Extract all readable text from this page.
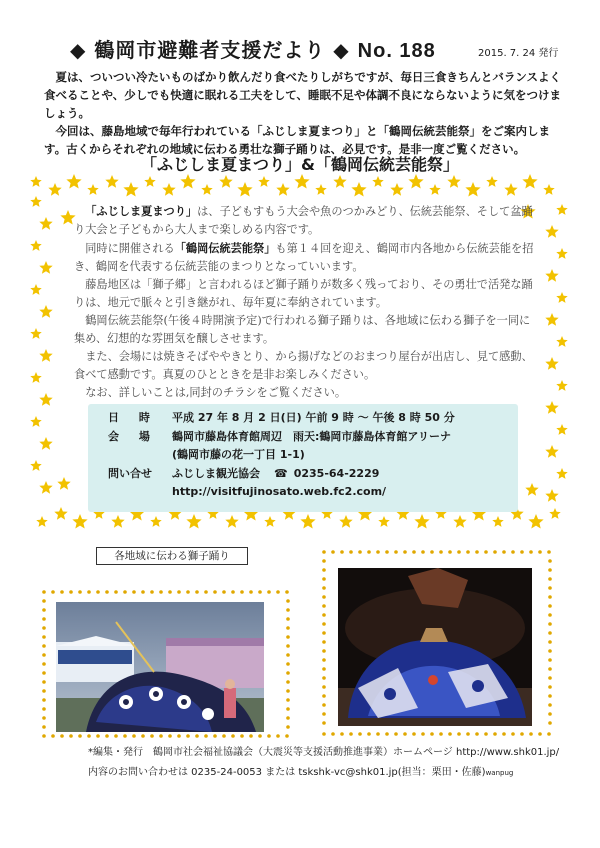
◆ 鶴岡市避難者支援だより ◆ No. 188	2015. 7. 24 発行

夏は、ついつい冷たいものばかり飲んだり食べたりしがちですが、毎日三食きちんとバランスよく食べることや、少しでも快適に眠れる工夫をして、睡眠不足や体調不良にならないように気をつけましょう。

今回は、藤島地域で毎年行われている「ふじしま夏まつり」と「鶴岡伝統芸能祭」をご案内します。古くからそれぞれの地域に伝わる勇壮な獅子踊りは、必見です。是非一度ご覧ください。

「ふじしま夏まつり」&「鶴岡伝統芸能祭」

「ふじしま夏まつり」は、子どもすもう大会や魚のつかみどり、伝統芸能祭、そして盆踊り大会と子どもから大人まで楽しめる内容です。

同時に開催される「鶴岡伝統芸能祭」も第１４回を迎え、鶴岡市内各地から伝統芸能を招き、鶴岡を代表する伝統芸能のまつりとなっていいます。

藤島地区は「獅子郷」と言われるほど獅子踊りが数多く残っており、その勇壮で活発な踊りは、地元で脈々と引き継がれ、毎年夏に奉納されています。

鶴岡伝統芸能祭(午後４時開演予定)で行われる獅子踊りは、各地域に伝わる獅子を一同に集め、幻想的な雰囲気を醸しさせます。

また、会場には焼きそばややきとり、から揚げなどのおまつり屋台が出店し、見て感動、食べて感動です。真夏のひとときを是非お楽しみください。

なお、詳しいことは,同封のチラシをご覧ください。

日 時	平成 27 年 8 月 2 日(日) 午前 9 時 ～ 午後 8 時 50 分
会 場	鶴岡市藤島体育館周辺　雨天:鶴岡市藤島体育館アリーナ
(鶴岡市藤の花一丁目 1-1)
問い合せ	ふじしま観光協会 ☎ 0235-64-2229
http://visitfujinosato.web.fc2.com/
各地域に伝わる獅子踊り
*編集・発行　鶴岡市社会福祉協議会（大震災等支援活動推進事業）ホームページ http://www.shk01.jp/
内容のお問い合わせは 0235-24-0053 または tskshk-vc@shk01.jp(担当：栗田・佐藤)wanpug
